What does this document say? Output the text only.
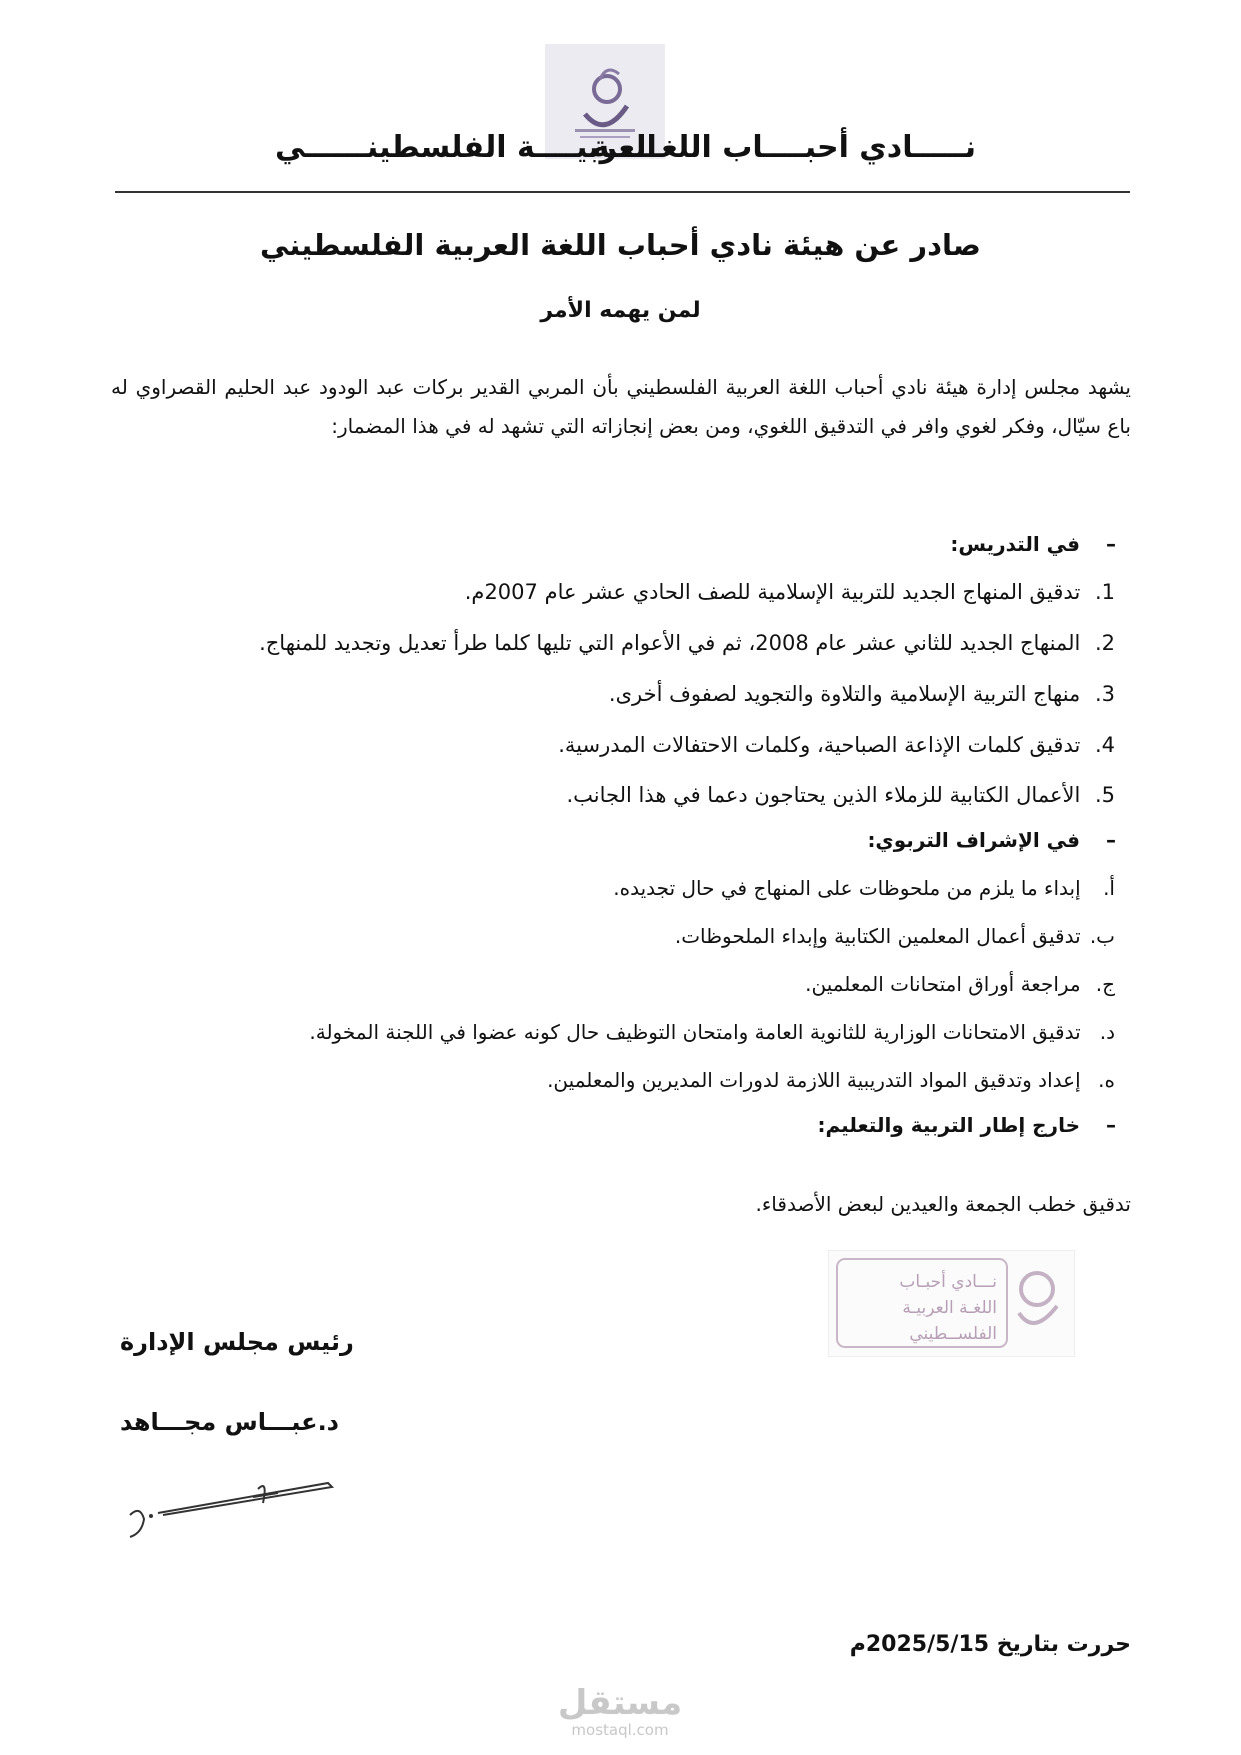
نـــــادي أحبــــاب اللغـــــة
العربيــــة الفلسطينــــــي
صادر عن هيئة نادي أحباب اللغة العربية الفلسطيني
لمن يهمه الأمر
يشهد مجلس إدارة هيئة نادي أحباب اللغة العربية الفلسطيني بأن المربي القدير بركات عبد الودود عبد الحليم القصراوي له باع سيّال، وفكر لغوي وافر في التدقيق اللغوي، ومن بعض إنجازاته التي تشهد له في هذا المضمار:
–في التدريس:
1. تدقيق المنهاج الجديد للتربية الإسلامية للصف الحادي عشر عام 2007م.
2. المنهاج الجديد للثاني عشر عام 2008، ثم في الأعوام التي تليها كلما طرأ تعديل وتجديد للمنهاج.
3. منهاج التربية الإسلامية والتلاوة والتجويد لصفوف أخرى.
4. تدقيق كلمات الإذاعة الصباحية، وكلمات الاحتفالات المدرسية.
5. الأعمال الكتابية للزملاء الذين يحتاجون دعما في هذا الجانب.
–في الإشراف التربوي:
أ. إبداء ما يلزم من ملحوظات على المنهاج في حال تجديده.
ب. تدقيق أعمال المعلمين الكتابية وإبداء الملحوظات.
ج. مراجعة أوراق امتحانات المعلمين.
د. تدقيق الامتحانات الوزارية للثانوية العامة وامتحان التوظيف حال كونه عضوا في اللجنة المخولة.
ه. إعداد وتدقيق المواد التدريبية اللازمة لدورات المديرين والمعلمين.
–خارج إطار التربية والتعليم:
تدقيق خطب الجمعة والعيدين لبعض الأصدقاء.
نـــادي أحبـاب
اللغـة العربيـة
الفلســطيني
رئيس مجلس الإدارة
د.عبـــاس مجـــاهد
حررت بتاريخ 2025/5/15م
مستقل
mostaql.com
